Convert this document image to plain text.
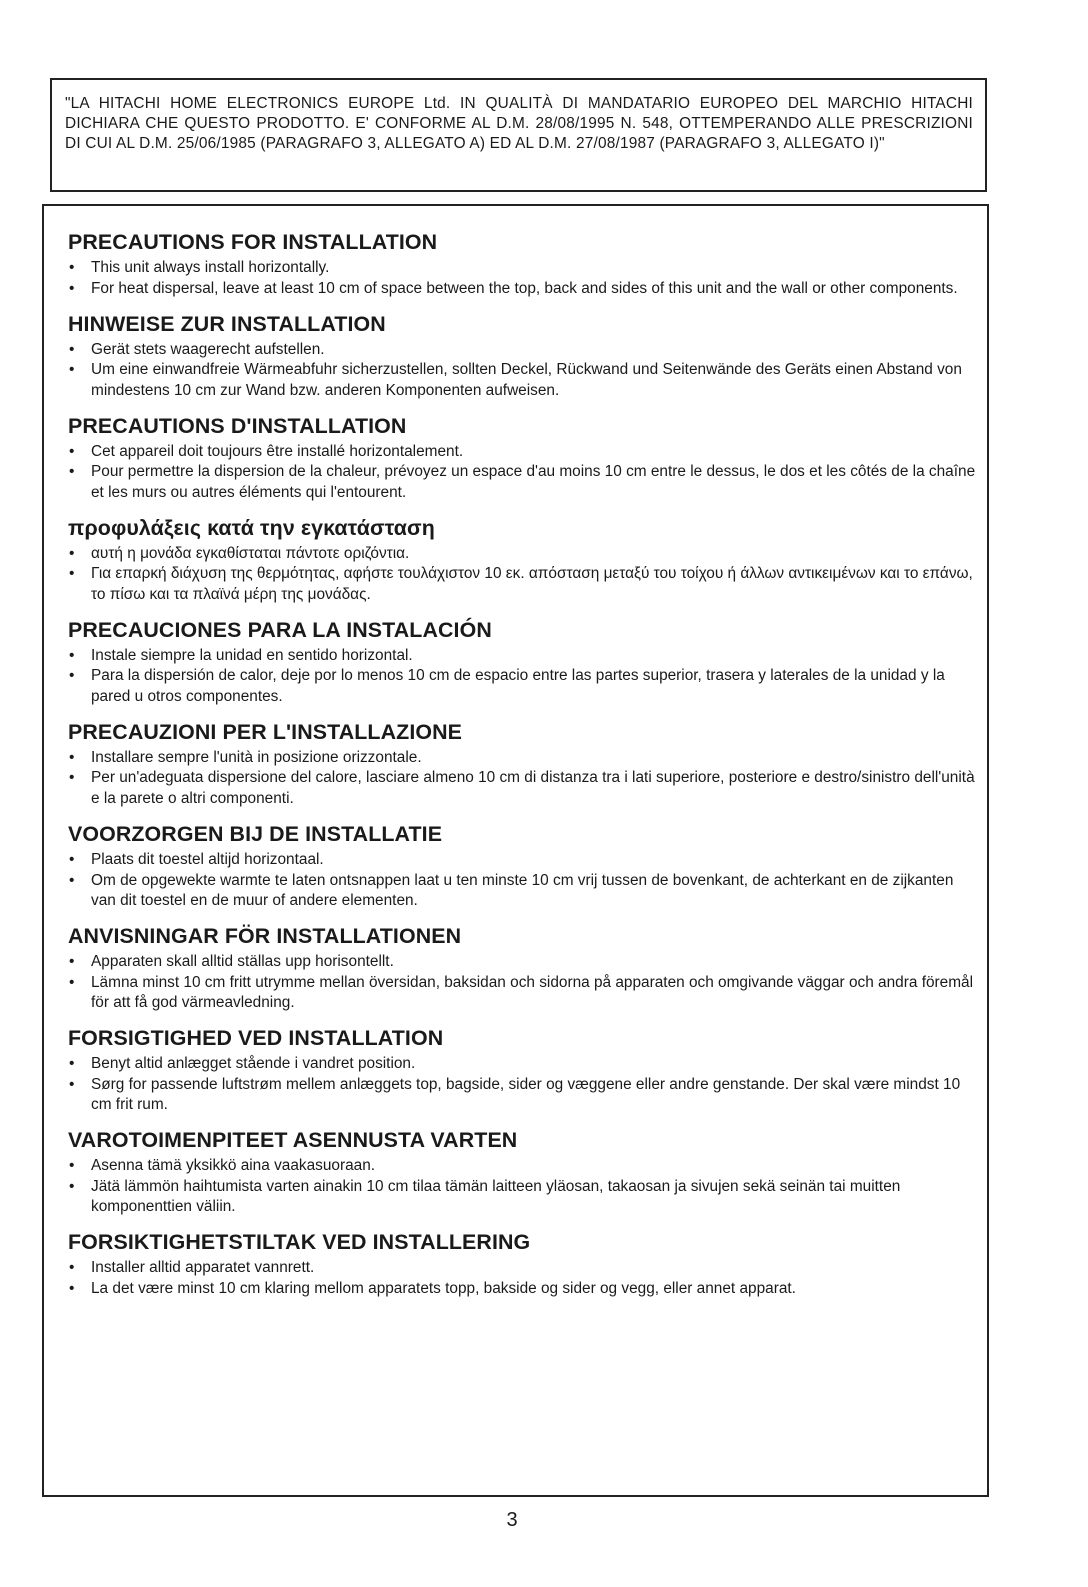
"LA HITACHI HOME ELECTRONICS EUROPE Ltd. IN QUALITÀ DI MANDATARIO EUROPEO DEL MARCHIO HITACHI DICHIARA CHE QUESTO PRODOTTO. E' CONFORME AL D.M. 28/08/1995 N. 548, OTTEMPERANDO ALLE PRESCRIZIONI DI CUI AL D.M. 25/06/1985 (PARAGRAFO 3, ALLEGATO A) ED AL D.M. 27/08/1987 (PARAGRAFO 3, ALLEGATO I)"

PRECAUTIONS FOR INSTALLATION
• This unit always install horizontally.
• For heat dispersal, leave at least 10 cm of space between the top, back and sides of this unit and the wall or other components.
HINWEISE ZUR INSTALLATION
• Gerät stets waagerecht aufstellen.
• Um eine einwandfreie Wärmeabfuhr sicherzustellen, sollten Deckel, Rückwand und Seitenwände des Geräts einen Abstand von mindestens 10 cm zur Wand bzw. anderen Komponenten aufweisen.
PRECAUTIONS D'INSTALLATION
• Cet appareil doit toujours être installé horizontalement.
• Pour permettre la dispersion de la chaleur, prévoyez un espace d'au moins 10 cm entre le dessus, le dos et les côtés de la chaîne et les murs ou autres éléments qui l'entourent.
προφυλάξεις κατά την εγκατάσταση
• αυτή η μονάδα εγκαθίσταται πάντοτε οριζόντια.
• Για επαρκή διάχυση της θερμότητας, αφήστε τουλάχιστον 10 εκ. απόσταση μεταξύ του τοίχου ή άλλων αντικειμένων και το επάνω, το πίσω και τα πλαϊνά μέρη της μονάδας.
PRECAUCIONES PARA LA INSTALACIÓN
• Instale siempre la unidad en sentido horizontal.
• Para la dispersión de calor, deje por lo menos 10 cm de espacio entre las partes superior, trasera y laterales de la unidad y la pared u otros componentes.
PRECAUZIONI PER L'INSTALLAZIONE
• Installare sempre l'unità in posizione orizzontale.
• Per un'adeguata dispersione del calore, lasciare almeno 10 cm di distanza tra i lati superiore, posteriore e destro/sinistro dell'unità e la parete o altri componenti.
VOORZORGEN BIJ DE INSTALLATIE
• Plaats dit toestel altijd horizontaal.
• Om de opgewekte warmte te laten ontsnappen laat u ten minste 10 cm vrij tussen de bovenkant, de achterkant en de zijkanten van dit toestel en de muur of andere elementen.
ANVISNINGAR FÖR INSTALLATIONEN
• Apparaten skall alltid ställas upp horisontellt.
• Lämna minst 10 cm fritt utrymme mellan översidan, baksidan och sidorna på apparaten och omgivande väggar och andra föremål för att få god värmeavledning.
FORSIGTIGHED VED INSTALLATION
• Benyt altid anlægget stående i vandret position.
• Sørg for passende luftstrøm mellem anlæggets top, bagside, sider og væggene eller andre genstande. Der skal være mindst 10 cm frit rum.
VAROTOIMENPITEET ASENNUSTA VARTEN
• Asenna tämä yksikkö aina vaakasuoraan.
• Jätä lämmön haihtumista varten ainakin 10 cm tilaa tämän laitteen yläosan, takaosan ja sivujen sekä seinän tai muitten komponenttien väliin.
FORSIKTIGHETSTILTAK VED INSTALLERING
• Installer alltid apparatet vannrett.
• La det være minst 10 cm klaring mellom apparatets topp, bakside og sider og vegg, eller annet apparat.
3
